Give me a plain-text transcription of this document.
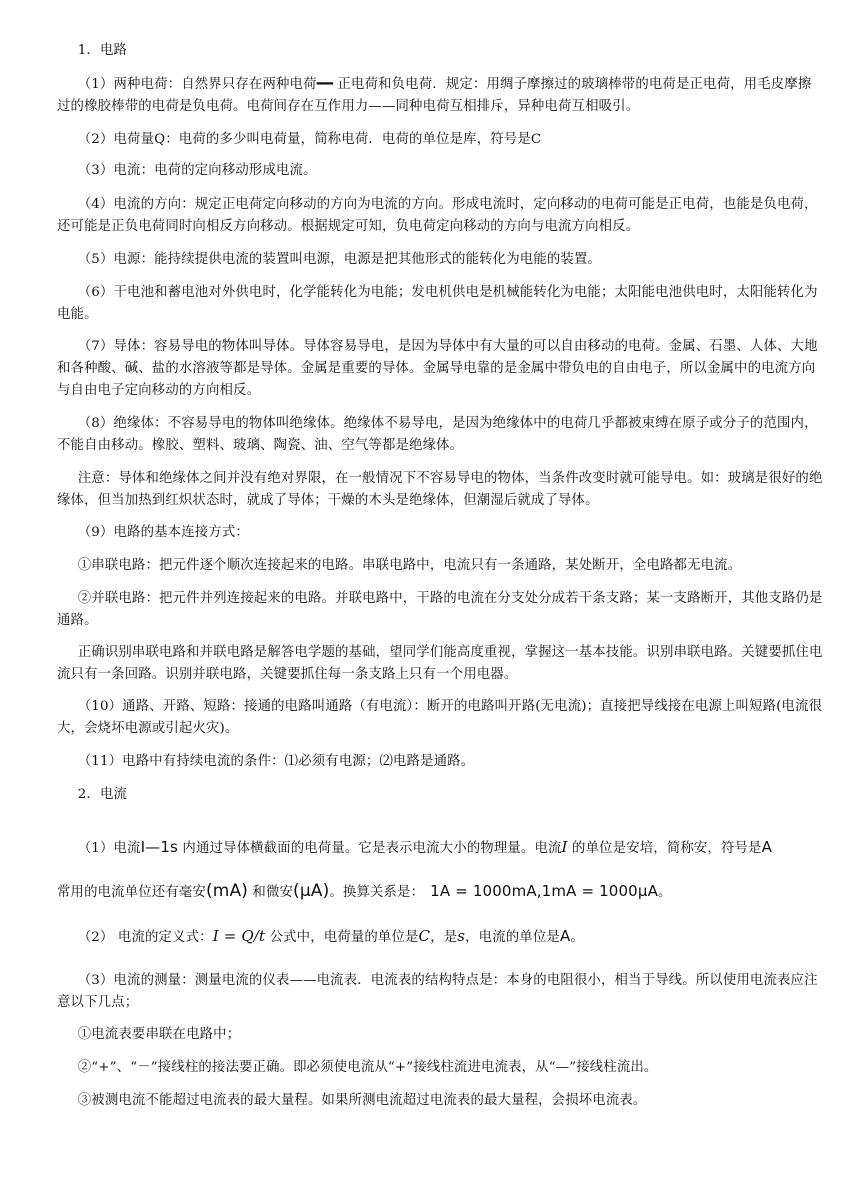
1．电路

（1）两种电荷：自然界只存在两种电荷━━ 正电荷和负电荷．规定：用绸子摩擦过的玻璃棒带的电荷是正电荷，用毛皮摩擦过的橡胶棒带的电荷是负电荷。电荷间存在互作用力——同种电荷互相排斥，异种电荷互相吸引。

（2）电荷量Q：电荷的多少叫电荷量，简称电荷．电荷的单位是库，符号是C

（3）电流：电荷的定向移动形成电流。

（4）电流的方向：规定正电荷定向移动的方向为电流的方向。形成电流时，定向移动的电荷可能是正电荷，也能是负电荷，还可能是正负电荷同时向相反方向移动。根据规定可知，负电荷定向移动的方向与电流方向相反。

（5）电源：能持续提供电流的装置叫电源，电源是把其他形式的能转化为电能的装置。

（6）干电池和蓄电池对外供电时，化学能转化为电能；发电机供电是机械能转化为电能；太阳能电池供电时，太阳能转化为电能。

（7）导体：容易导电的物体叫导体。导体容易导电，是因为导体中有大量的可以自由移动的电荷。金属、石墨、人体、大地和各种酸、碱、盐的水溶液等都是导体。金属是重要的导体。金属导电靠的是金属中带负电的自由电子，所以金属中的电流方向与自由电子定向移动的方向相反。

（8）绝缘体：不容易导电的物体叫绝缘体。绝缘体不易导电，是因为绝缘体中的电荷几乎都被束缚在原子或分子的范围内，不能自由移动。橡胶、塑料、玻璃、陶瓷、油、空气等都是绝缘体。

注意：导体和绝缘体之间并没有绝对界限，在一般情况下不容易导电的物体，当条件改变时就可能导电。如：玻璃是很好的绝缘体，但当加热到红炽状态时，就成了导体；干燥的木头是绝缘体，但潮湿后就成了导体。

（9）电路的基本连接方式：

①串联电路：把元件逐个顺次连接起来的电路。串联电路中，电流只有一条通路，某处断开，全电路都无电流。

②并联电路：把元件并列连接起来的电路。并联电路中，干路的电流在分支处分成若干条支路；某一支路断开，其他支路仍是通路。

正确识别串联电路和并联电路是解答电学题的基础，望同学们能高度重视，掌握这一基本技能。识别串联电路。关键要抓住电流只有一条回路。识别并联电路，关键要抓住每一条支路上只有一个用电器。

（10）通路、开路、短路：接通的电路叫通路（有电流）：断开的电路叫开路(无电流)；直接把导线接在电源上叫短路(电流很大，会烧坏电源或引起火灾)。

（11）电路中有持续电流的条件：⑴必须有电源；⑵电路是通路。

2．电流

（1）电流I—1s 内通过导体横截面的电荷量。它是表示电流大小的物理量。电流I 的单位是安培，简称安，符号是A
常用的电流单位还有毫安(mA) 和微安(μA)。换算关系是： 1A = 1000mA,1mA = 1000μA。

（2） 电流的定义式：I = Q/t 公式中，电荷量的单位是C，是s，电流的单位是A。

（3）电流的测量：测量电流的仪表——电流表．电流表的结构特点是：本身的电阻很小，相当于导线。所以使用电流表应注意以下几点；

①电流表要串联在电路中；

②“+”、“－”接线柱的接法要正确。即必须使电流从“+”接线柱流进电流表，从“—”接线柱流出。

③被测电流不能超过电流表的最大量程。如果所测电流超过电流表的最大量程，会损坏电流表。
